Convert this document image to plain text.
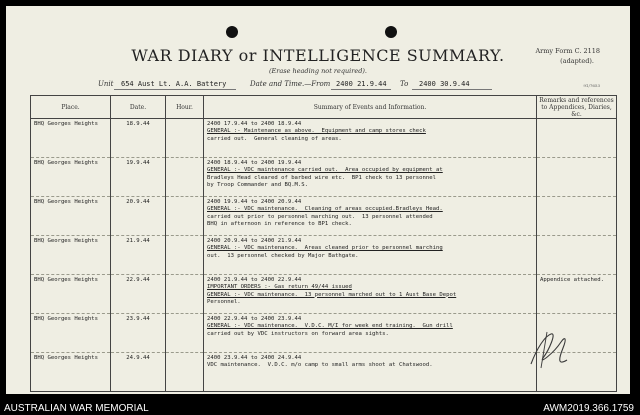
WAR DIARY or INTELLIGENCE SUMMARY.
(Erase heading not required).
Army Form C. 2118
(adapted).
91/7653
Unit 654 Aust Lt. A.A. Battery	Date and Time.—From 2400 21.9.44 To 2400 30.9.44
Place.	Date.	Hour.	Summary of Events and Information.	Remarks and references to Appendices, Diaries, &c.
BHQ Georges Heights	18.9.44		2400 17.9.44 to 2400 18.9.44
GENERAL :- Maintenance as above.  Equipment and camp stores check
carried out.  General cleaning of areas.	

BHQ Georges Heights	19.9.44		2400 18.9.44 to 2400 19.9.44
GENERAL :- VDC maintenance carried out.  Area occupied by equipment at
Bradleys Head cleared of barbed wire etc.  BP1 check to 13 personnel
by Troop Commander and BQ.M.S.	

BHQ Georges Heights	20.9.44		2400 19.9.44 to 2400 20.9.44
GENERAL :- VDC maintenance.  Cleaning of areas occupied.Bradleys Head.
carried out prior to personnel marching out.  13 personnel attended
BHQ in afternoon in reference to BP1 check.	

BHQ Georges Heights	21.9.44		2400 20.9.44 to 2400 21.9.44
GENERAL :- VDC maintenance.  Areas cleaned prior to personnel marching
out.  13 personnel checked by Major Bathgate.	

BHQ Georges Heights	22.9.44		2400 21.9.44 to 2400 22.9.44
IMPORTANT ORDERS :- Gas return 49/44 issued
GENERAL :- VDC maintenance.  13 personnel marched out to 1 Aust Base Depot
Personnel.	Appendice attached.
BHQ Georges Heights	23.9.44		2400 22.9.44 to 2400 23.9.44
GENERAL :- VDC maintenance.  V.D.C. M/I for week end training.  Gun drill
carried out by VDC instructors on forward area sights.	

BHQ Georges Heights	24.9.44		2400 23.9.44 to 2400 24.9.44
VDC maintenance.  V.D.C. m/o camp to small arms shoot at Chatswood.	

AUSTRALIAN WAR MEMORIAL	AWM2019.366.1759
